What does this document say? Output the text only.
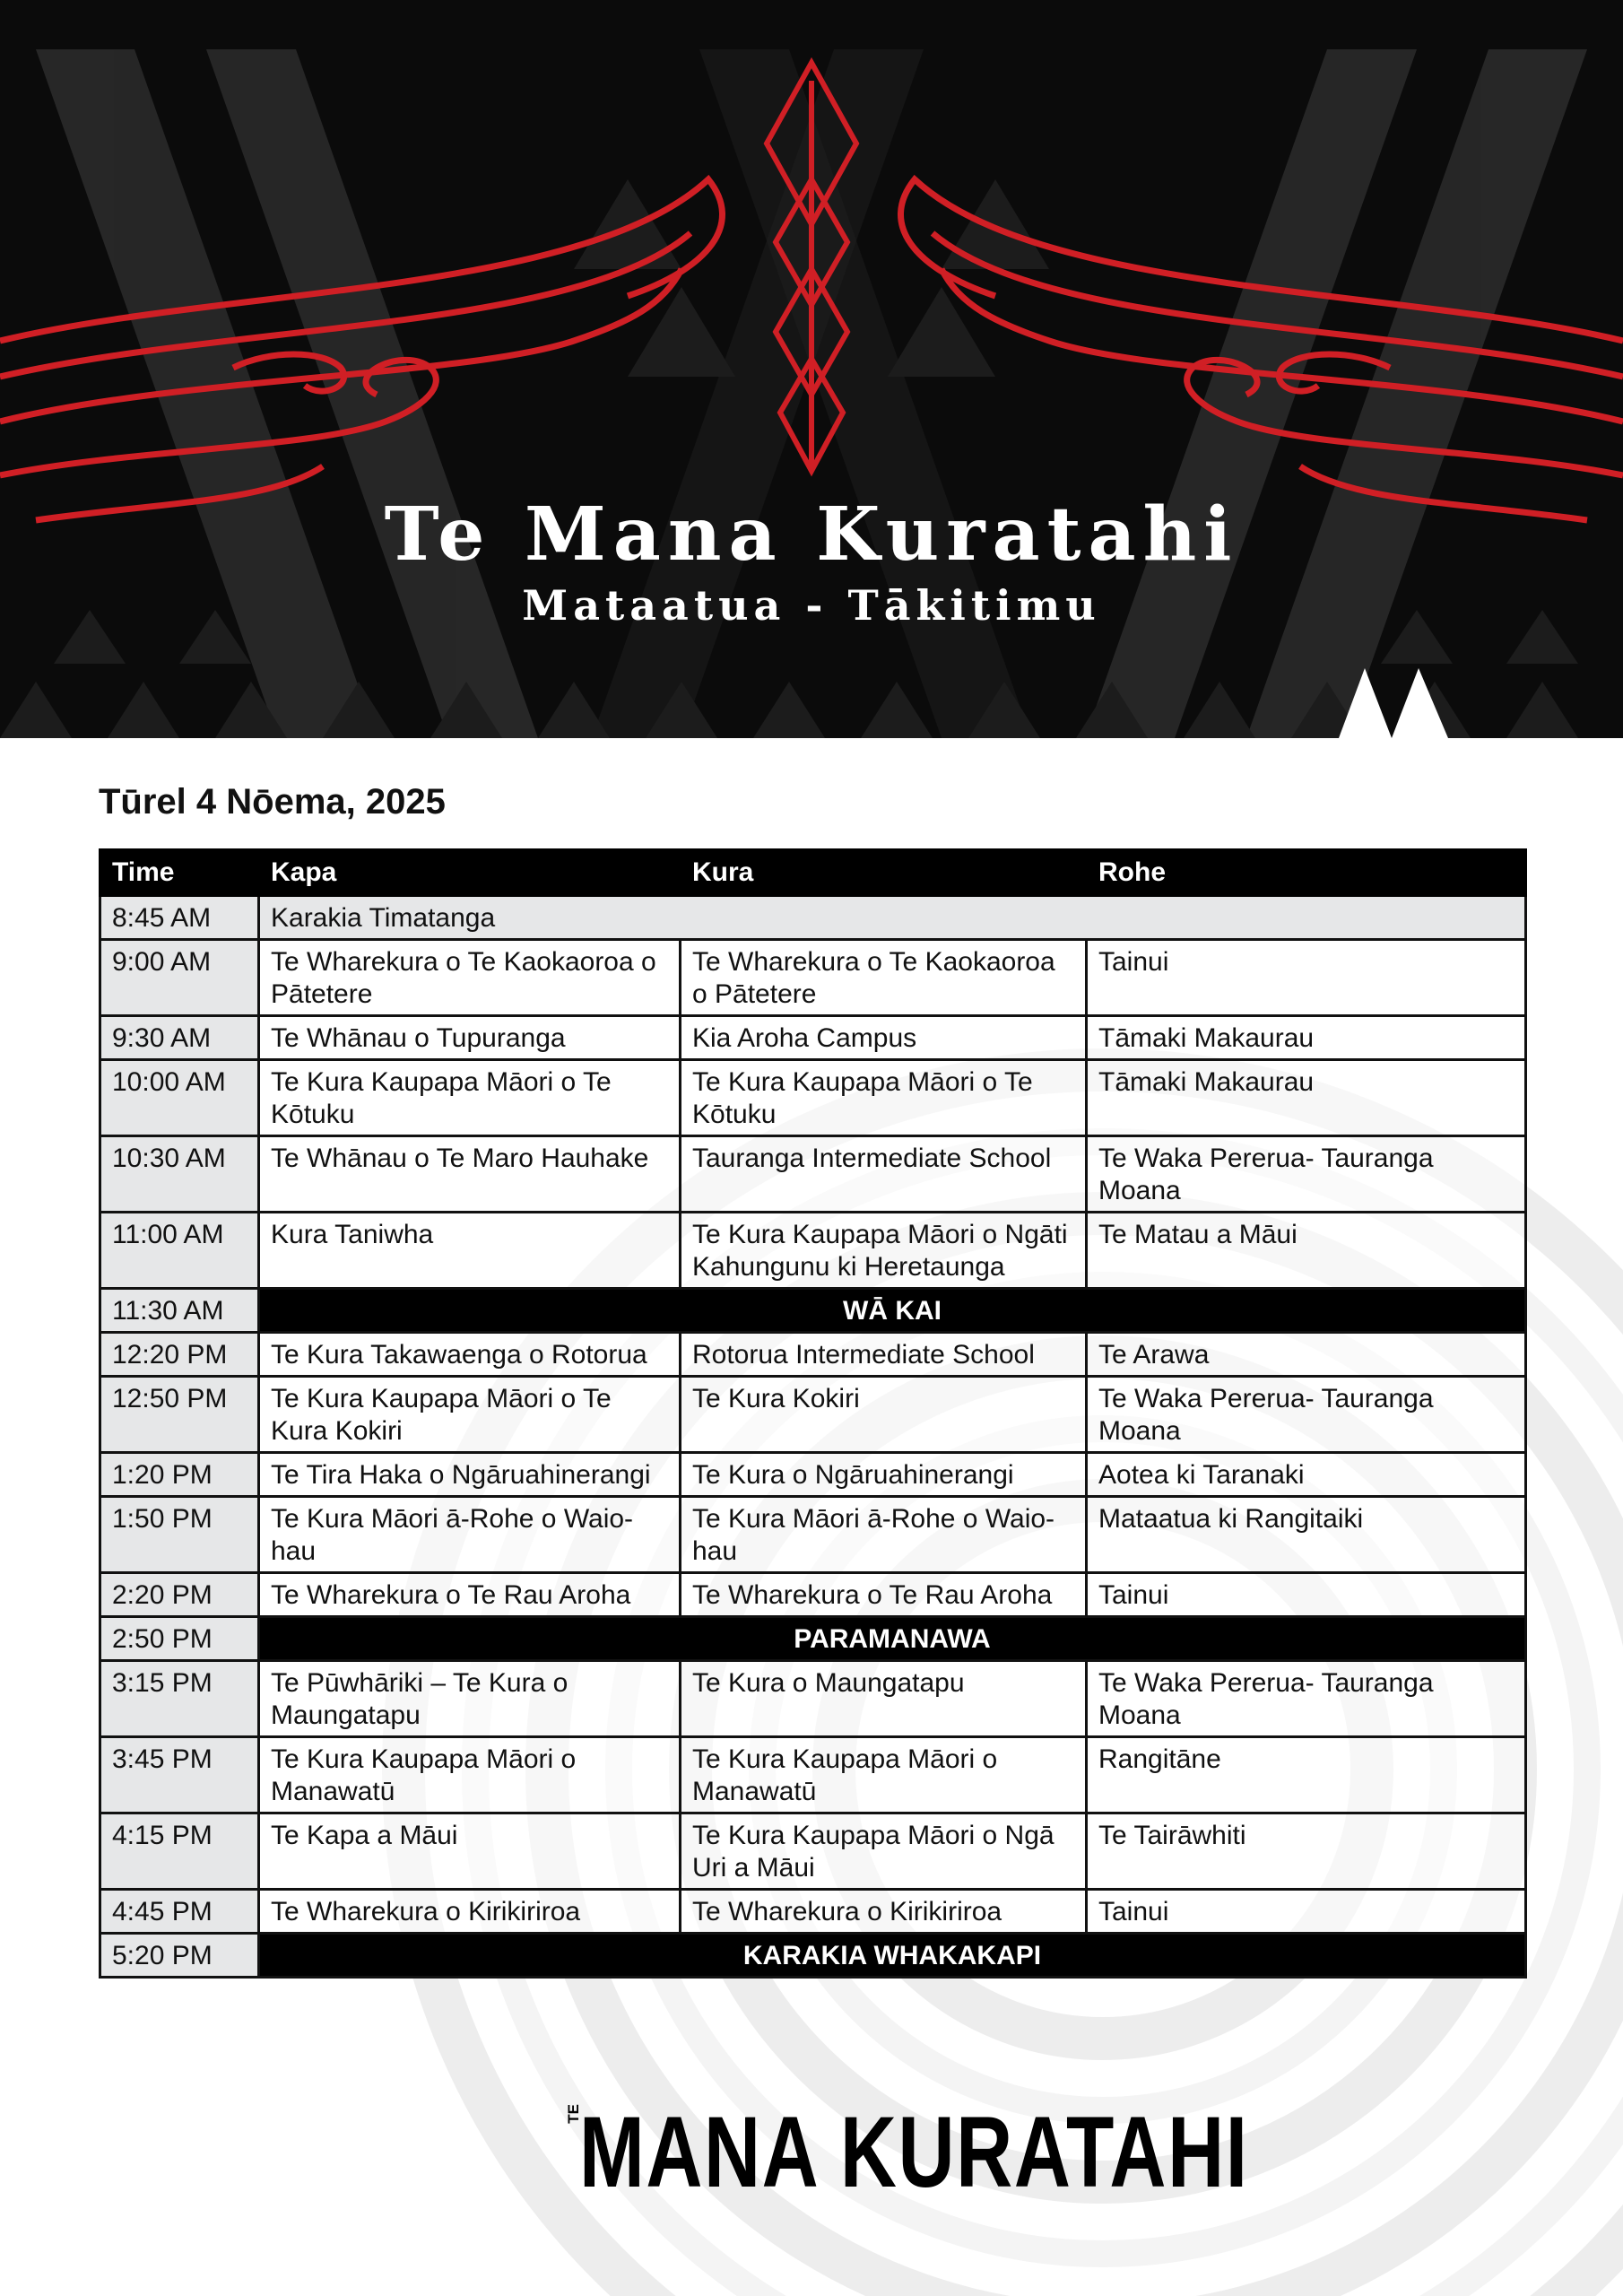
Te Mana Kuratahi
Mataatua - Tākitimu
Tūrel 4 Nōema, 2025
Time	Kapa	Kura	Rohe
8:45 AM	Karakia Timatanga		
9:00 AM	Te Wharekura o Te Kaokaoroa o Pātetere	Te Wharekura o Te Kaokaoroa o Pātetere	Tainui
9:30 AM	Te Whānau o Tupuranga	Kia Aroha Campus	Tāmaki Makaurau
10:00 AM	Te Kura Kaupapa Māori o Te Kōtuku	Te Kura Kaupapa Māori o Te Kōtuku	Tāmaki Makaurau
10:30 AM	Te Whānau o Te Maro Hauhake	Tauranga Intermediate School	Te Waka Pererua- Tauranga Moana
11:00 AM	Kura Taniwha	Te Kura Kaupapa Māori o Ngāti Kahungunu ki Heretaunga	Te Matau a Māui
11:30 AM	WĀ KAI		
12:20 PM	Te Kura Takawaenga o Rotorua	Rotorua Intermediate School	Te Arawa
12:50 PM	Te Kura Kaupapa Māori o Te Kura Kokiri	Te Kura Kokiri	Te Waka Pererua- Tauranga Moana
1:20 PM	Te Tira Haka o Ngāruahinerangi	Te Kura o Ngāruahinerangi	Aotea ki Taranaki
1:50 PM	Te Kura Māori ā-Rohe o Waio-hau	Te Kura Māori ā-Rohe o Waio-hau	Mataatua ki Rangitaiki
2:20 PM	Te Wharekura o Te Rau Aroha	Te Wharekura o Te Rau Aroha	Tainui
2:50 PM	PARAMANAWA		
3:15 PM	Te Pūwhāriki – Te Kura o Maungatapu	Te Kura o Maungatapu	Te Waka Pererua- Tauranga Moana
3:45 PM	Te Kura Kaupapa Māori o Manawatū	Te Kura Kaupapa Māori o Manawatū	Rangitāne
4:15 PM	Te Kapa a Māui	Te Kura Kaupapa Māori o Ngā Uri a Māui	Te Tairāwhiti
4:45 PM	Te Wharekura o Kirikiriroa	Te Wharekura o Kirikiriroa	Tainui
5:20 PM	KARAKIA WHAKAKAPI		
TE
MANA KURATAHI
